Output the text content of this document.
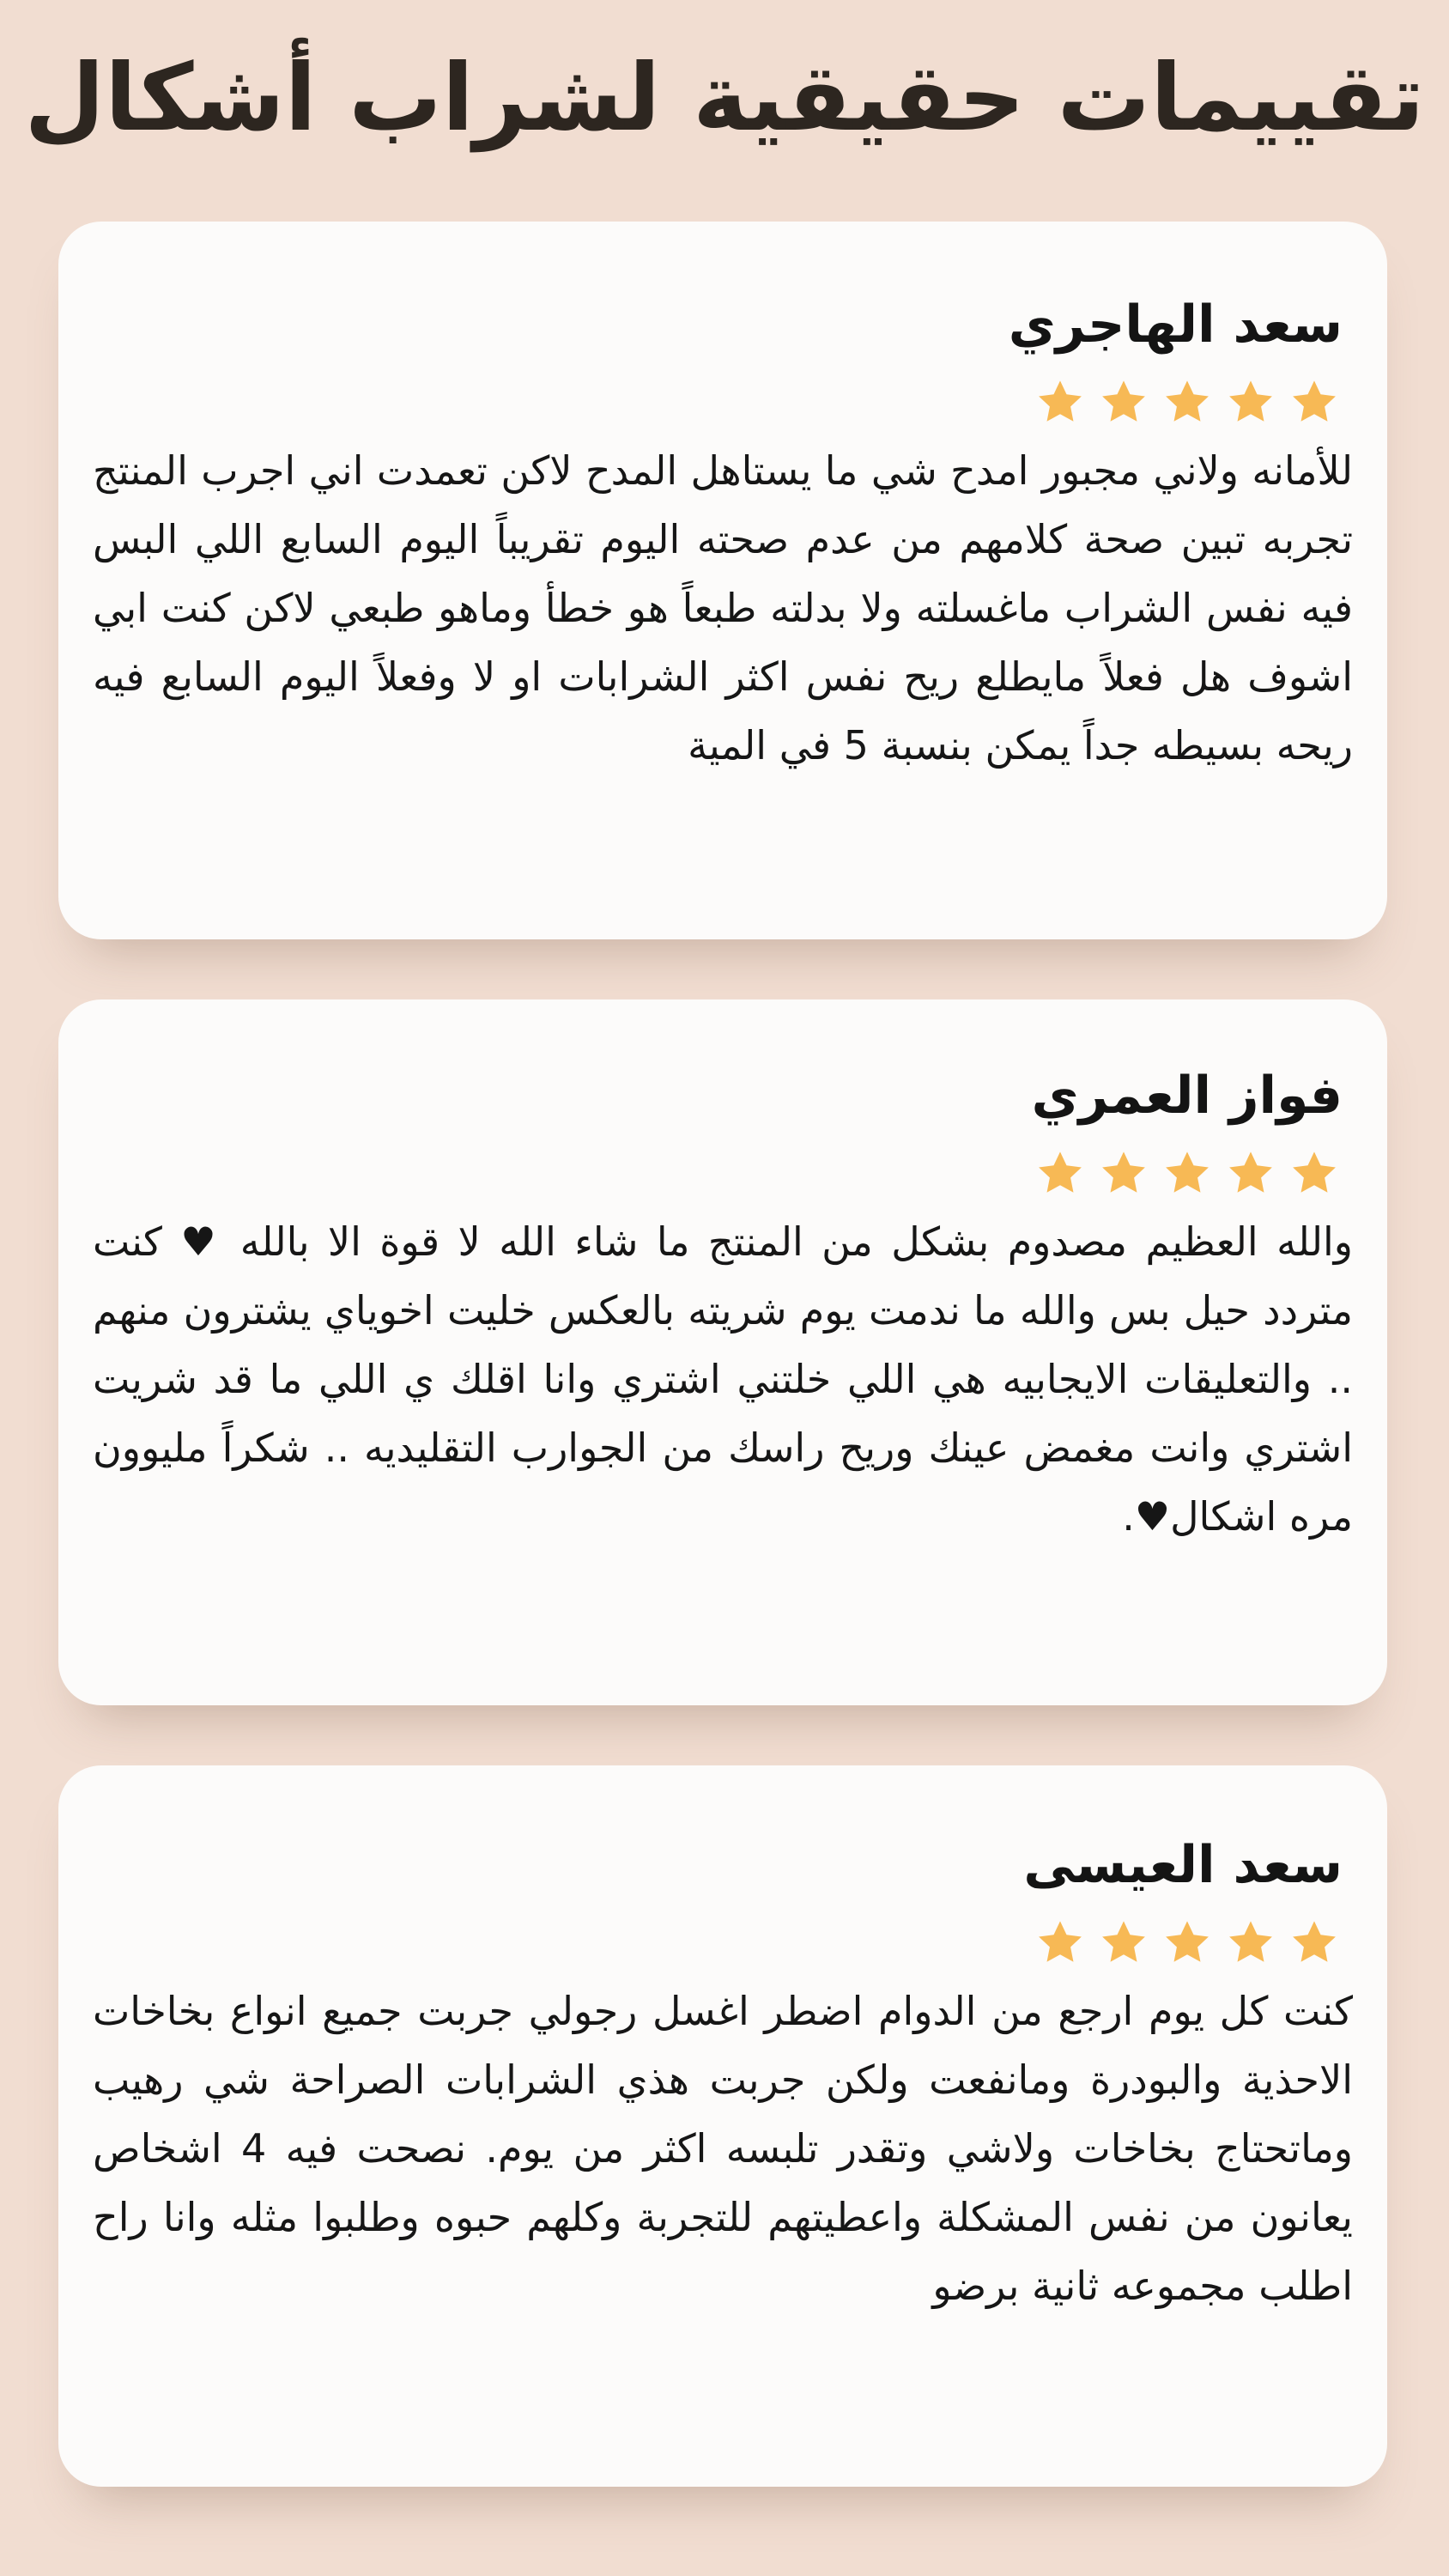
تقييمات حقيقية لشراب أشكال
سعد الهاجري

للأمانه ولاني مجبور امدح شي ما يستاهل المدح لاكن تعمدت اني اجرب المنتج تجربه تبين صحة كلامهم من عدم صحته اليوم تقريباً اليوم السابع اللي البس فيه نفس الشراب ماغسلته ولا بدلته طبعاً هو خطأ وماهو طبعي لاكن كنت ابي اشوف هل فعلاً مايطلع ريح نفس اكثر الشرابات او لا وفعلاً اليوم السابع فيه ريحه بسيطه جداً يمكن بنسبة 5 في المية

فواز العمري

والله العظيم مصدوم بشكل من المنتج ما شاء الله لا قوة الا بالله ♥ كنت متردد حيل بس والله ما ندمت يوم شريته بالعكس خليت اخوياي يشترون منهم .. والتعليقات الايجابيه هي اللي خلتني اشتري وانا اقلك ي اللي ما قد شريت اشتري وانت مغمض عينك وريح راسك من الجوارب التقليديه .. شكراً مليوون مره اشكال♥.

سعد العيسى

كنت كل يوم ارجع من الدوام اضطر اغسل رجولي جربت جميع انواع بخاخات الاحذية والبودرة ومانفعت ولكن جربت هذي الشرابات الصراحة شي رهيب وماتحتاج بخاخات ولاشي وتقدر تلبسه اكثر من يوم. نصحت فيه 4 اشخاص يعانون من نفس المشكلة واعطيتهم للتجربة وكلهم حبوه وطلبوا مثله وانا راح اطلب مجموعه ثانية برضو
